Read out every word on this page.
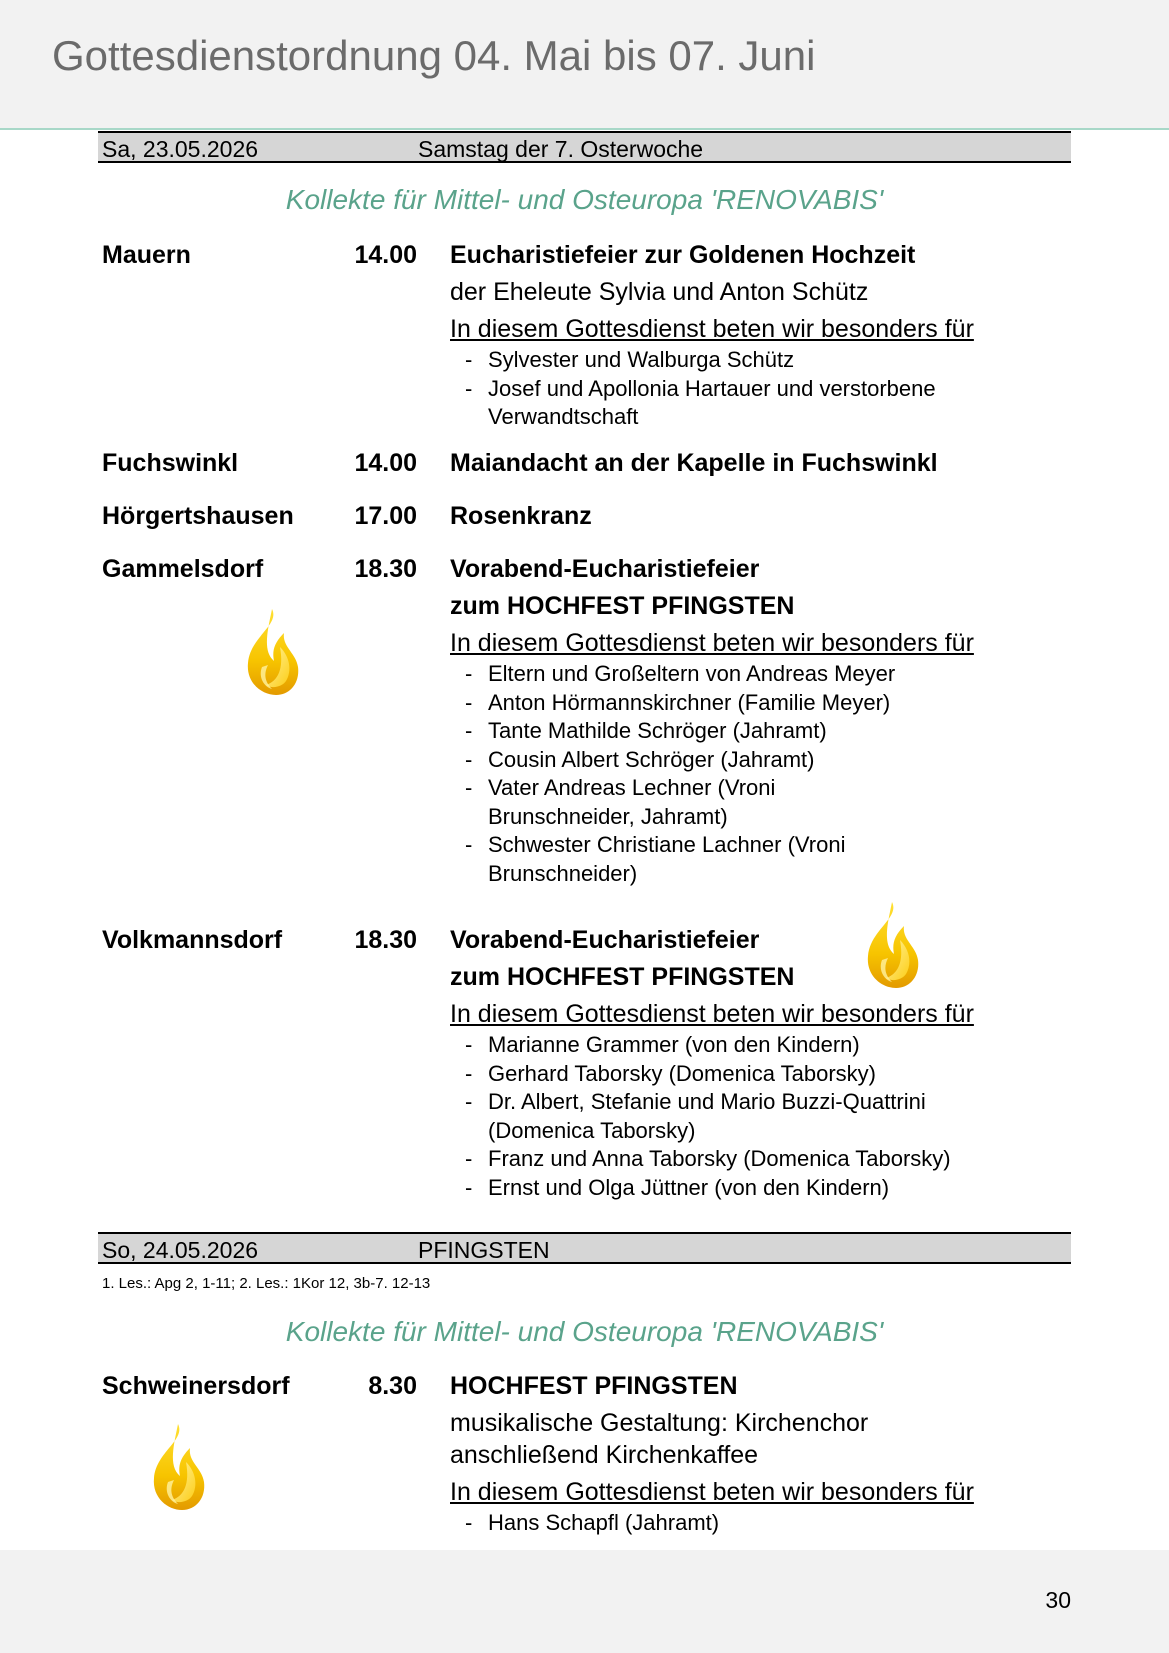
Gottesdienstordnung 04. Mai bis 07. Juni
Sa, 23.05.2026	Samstag der 7. Osterwoche
Kollekte für Mittel- und Osteuropa 'RENOVABIS'
Mauern	14.00 Eucharistiefeier zur Goldenen Hochzeit
der Eheleute Sylvia und Anton Schütz
In diesem Gottesdienst beten wir besonders für
- Sylvester und Walburga Schütz
- Josef und Apollonia Hartauer und verstorbene Verwandtschaft
Fuchswinkl	14.00 Maiandacht an der Kapelle in Fuchswinkl
Hörgertshausen 17.00 Rosenkranz
Gammelsdorf	18.30 Vorabend-Eucharistiefeier
zum HOCHFEST PFINGSTEN
In diesem Gottesdienst beten wir besonders für
- Eltern und Großeltern von Andreas Meyer
- Anton Hörmannskirchner (Familie Meyer)
- Tante Mathilde Schröger (Jahramt)
- Cousin Albert Schröger (Jahramt)
- Vater Andreas Lechner (Vroni Brunschneider, Jahramt)
- Schwester Christiane Lachner (Vroni Brunschneider)
Volkmannsdorf	18.30 Vorabend-Eucharistiefeier
zum HOCHFEST PFINGSTEN
In diesem Gottesdienst beten wir besonders für
- Marianne Grammer (von den Kindern)
- Gerhard Taborsky (Domenica Taborsky)
- Dr. Albert, Stefanie und Mario Buzzi-Quattrini (Domenica Taborsky)
- Franz und Anna Taborsky (Domenica Taborsky)
- Ernst und Olga Jüttner (von den Kindern)
So, 24.05.2026	PFINGSTEN
1. Les.: Apg 2, 1-11; 2. Les.: 1Kor 12, 3b-7. 12-13
Kollekte für Mittel- und Osteuropa 'RENOVABIS'
Schweinersdorf	8.30 HOCHFEST PFINGSTEN
musikalische Gestaltung: Kirchenchor
anschließend Kirchenkaffee
In diesem Gottesdienst beten wir besonders für
- Hans Schapfl (Jahramt)
30
